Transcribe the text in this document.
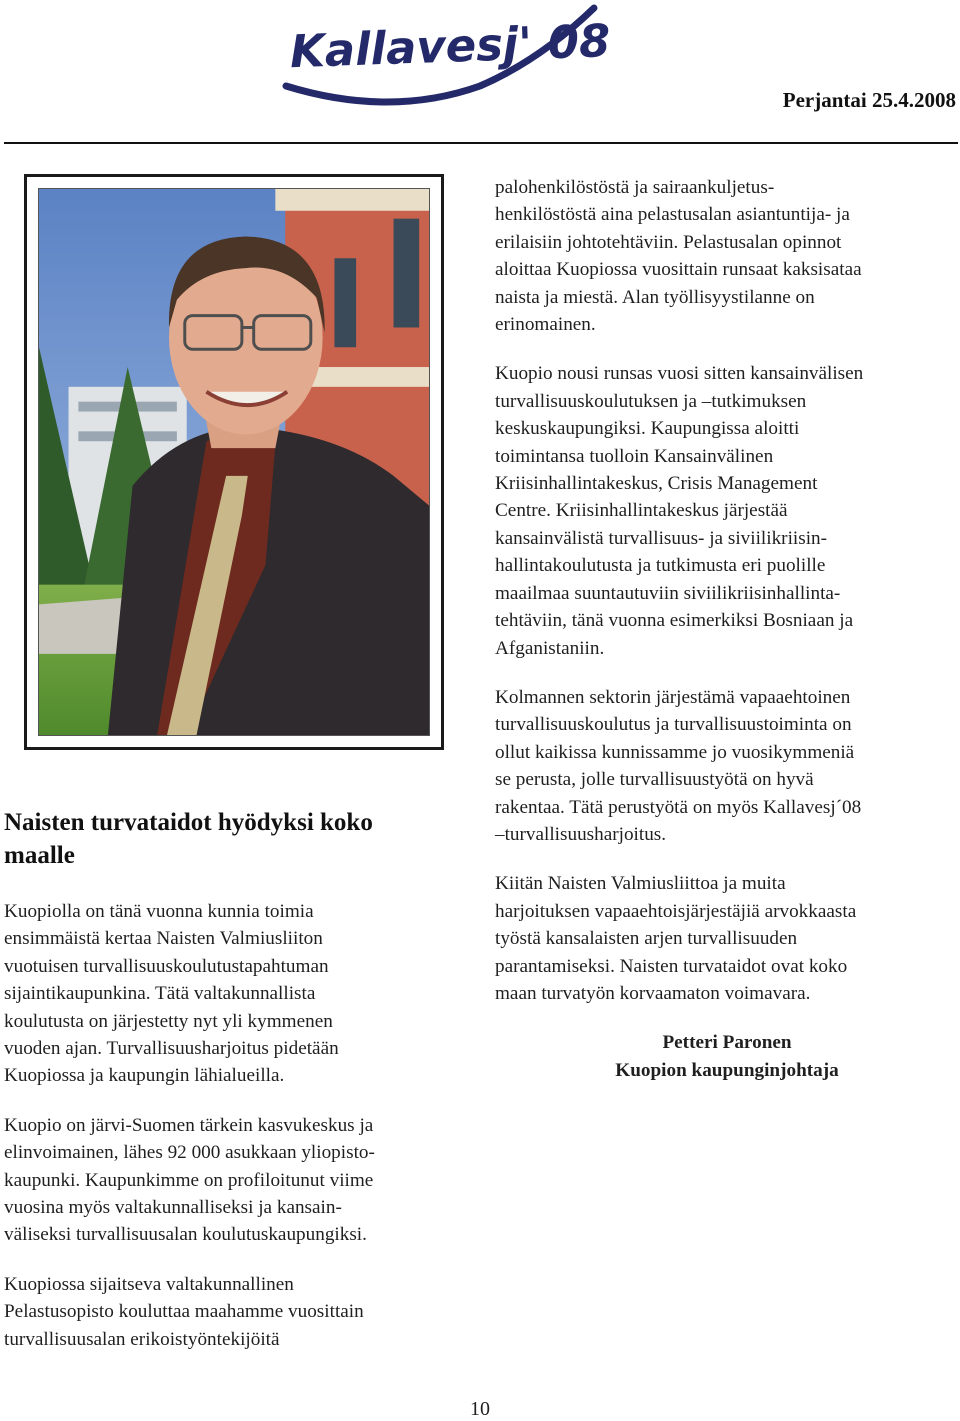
Kallavesj' 08
Perjantai 25.4.2008
Naisten turvataidot hyödyksi koko maalle

Kuopiolla on tänä vuonna kunnia toimia
ensimmäistä kertaa Naisten Valmiusliiton
vuotuisen turvallisuuskoulutustapahtuman
sijaintikaupunkina. Tätä valtakunnallista
koulutusta on järjestetty nyt yli kymmenen
vuoden ajan. Turvallisuusharjoitus pidetään
Kuopiossa ja kaupungin lähialueilla.

Kuopio on järvi-Suomen tärkein kasvukeskus ja
elinvoimainen, lähes 92 000 asukkaan yliopisto-
kaupunki. Kaupunkimme on profiloitunut viime
vuosina myös valtakunnalliseksi ja kansain-
väliseksi turvallisuusalan koulutuskaupungiksi.

Kuopiossa sijaitseva valtakunnallinen
Pelastusopisto kouluttaa maahamme vuosittain
turvallisuusalan erikoistyöntekijöitä

palohenkilöstöstä ja sairaankuljetus-
henkilöstöstä aina pelastusalan asiantuntija- ja
erilaisiin johtotehtäviin. Pelastusalan opinnot
aloittaa Kuopiossa vuosittain runsaat kaksisataa
naista ja miestä. Alan työllisyystilanne on
erinomainen.

Kuopio nousi runsas vuosi sitten kansainvälisen
turvallisuuskoulutuksen ja –tutkimuksen
keskuskaupungiksi. Kaupungissa aloitti
toimintansa tuolloin Kansainvälinen
Kriisinhallintakeskus, Crisis Management
Centre. Kriisinhallintakeskus järjestää
kansainvälistä turvallisuus- ja siviilikriisin-
hallintakoulutusta ja tutkimusta eri puolille
maailmaa suuntautuviin siviilikriisinhallinta-
tehtäviin, tänä vuonna esimerkiksi Bosniaan ja
Afganistaniin.

Kolmannen sektorin järjestämä vapaaehtoinen
turvallisuuskoulutus ja turvallisuustoiminta on
ollut kaikissa kunnissamme jo vuosikymmeniä
se perusta, jolle turvallisuustyötä on hyvä
rakentaa. Tätä perustyötä on myös Kallavesj´08
–turvallisuusharjoitus.

Kiitän Naisten Valmiusliittoa ja muita
harjoituksen vapaaehtoisjärjestäjiä arvokkaasta
työstä kansalaisten arjen turvallisuuden
parantamiseksi. Naisten turvataidot ovat koko
maan turvatyön korvaamaton voimavara.

Petteri Paronen
Kuopion kaupunginjohtaja
10
